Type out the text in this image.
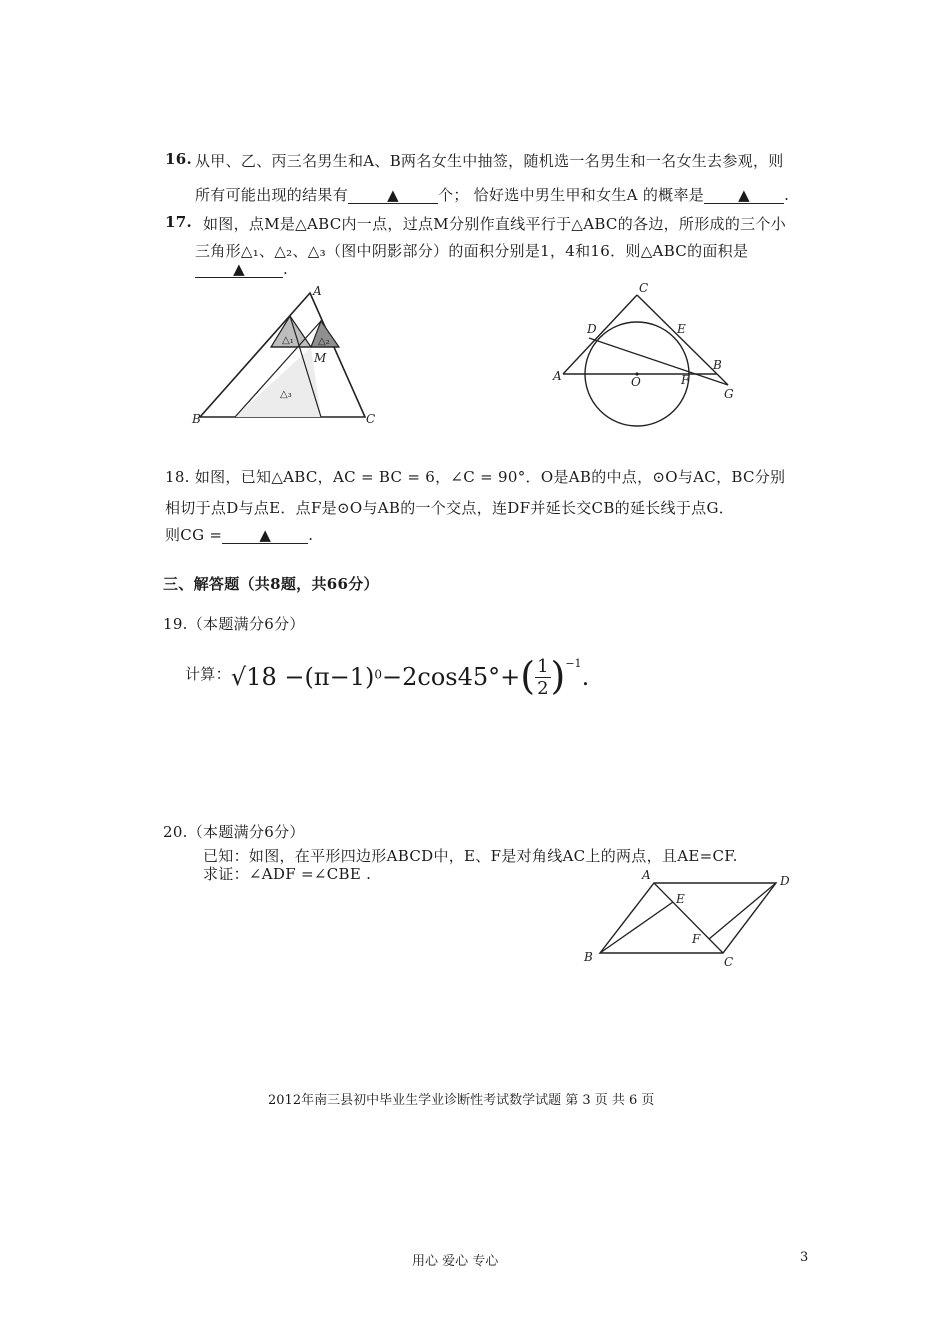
16. 从甲、乙、丙三名男生和A、B两名女生中抽签，随机选一名男生和一名女生去参观，则
所有可能出现的结果有	▲	个； 恰好选中男生甲和女生A 的概率是 ▲ .
17. 如图，点M是△ABC内一点，过点M分别作直线平行于△ABC的各边，所形成的三个小
三角形△₁、△₂、△₃（图中阴影部分）的面积分别是1，4和16．则△ABC的面积是
▲	.
A
B	C
M
△₁ △₂
△₃
C
D	E
A	O	F
B
G
18. 如图，已知△ABC，AC = BC = 6，∠C = 90°．O是AB的中点，⊙O与AC，BC分别
相切于点D与点E．点F是⊙O与AB的一个交点，连DF并延长交CB的延长线于点G．
则CG = ▲ .
三、解答题（共8题，共66分）
19.（本题满分6分）
计算：$√18 -(\pi-1)^0-2\cos 45^\circ+( \frac{1}{2} )^{-1}$.
20.（本题满分6分）
已知：如图，在平形四边形ABCD中，E、F是对角线AC上的两点，且AE=CF.
求证：∠ADF =∠CBE .	A	D
E
F
B	C
2012年南三县初中毕业生学业诊断性考试数学试题 第 3 页 共 6 页
用心 爱心 专心	3
